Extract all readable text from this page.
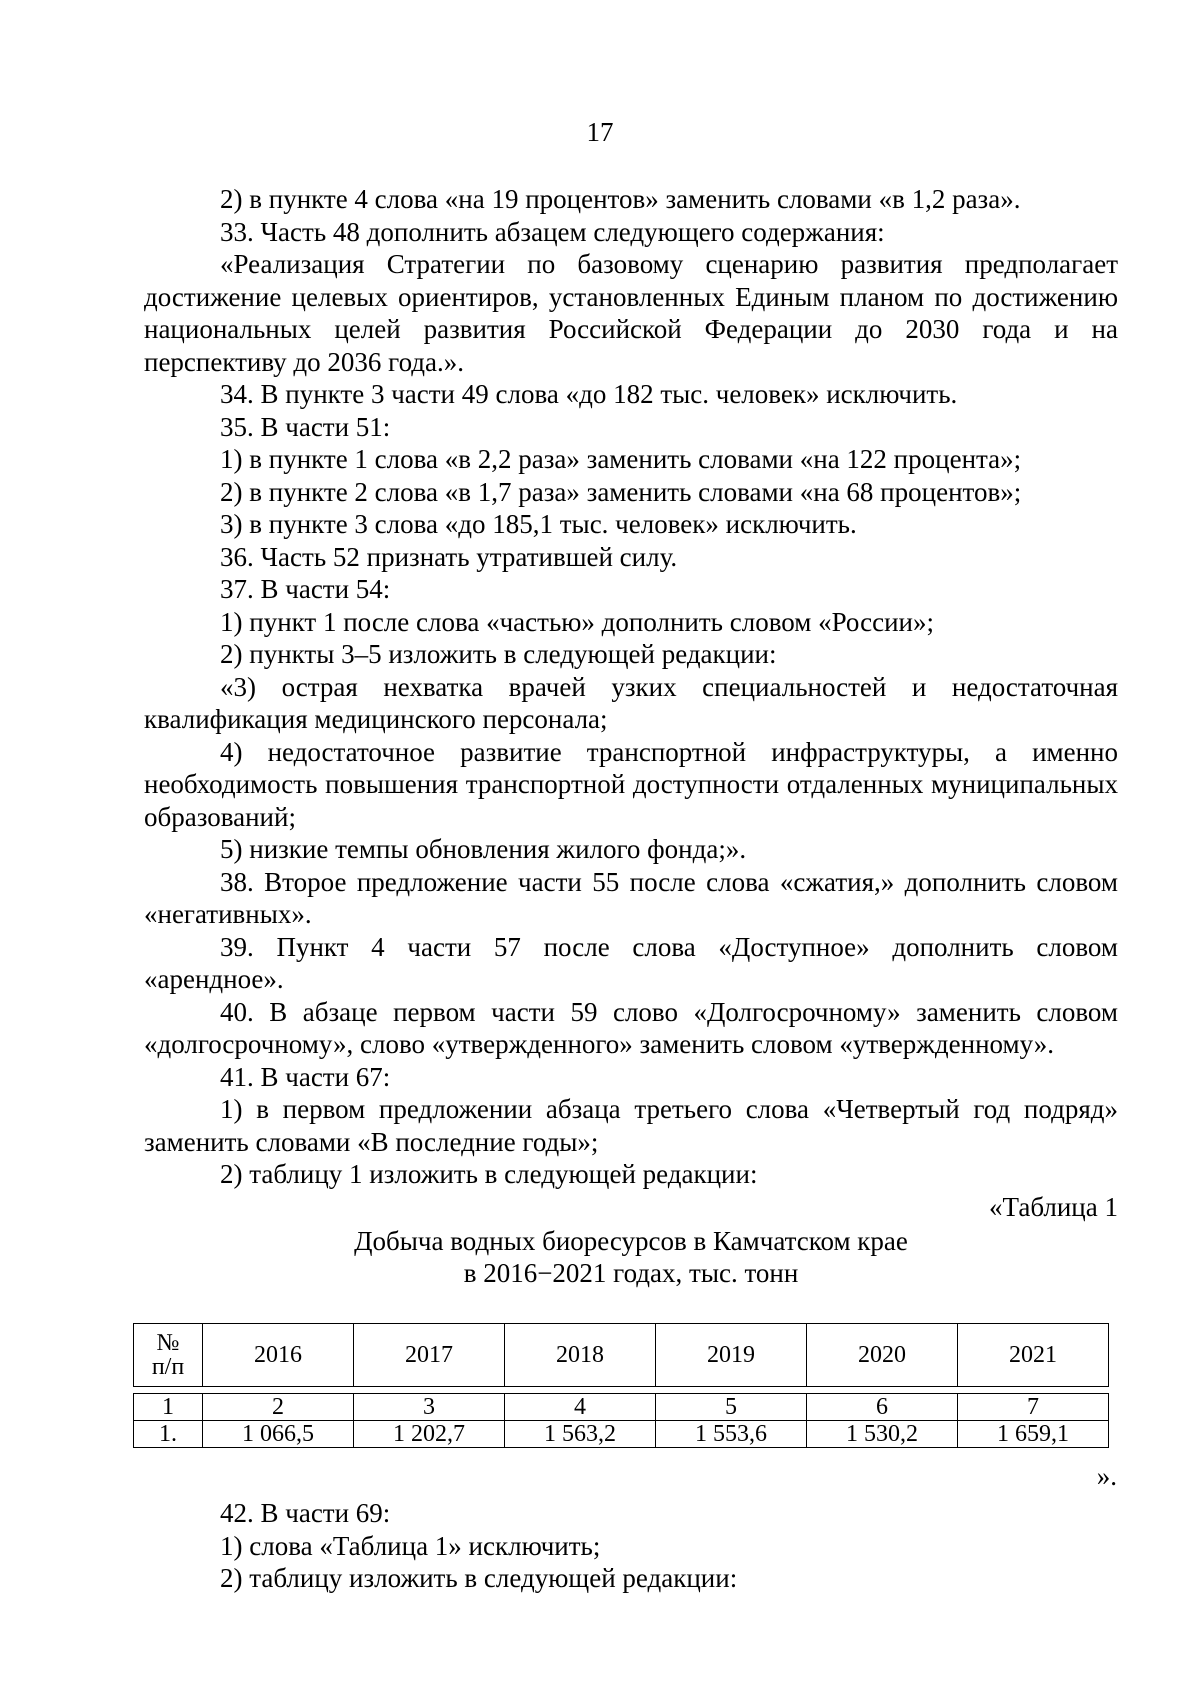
17

2) в пункте 4 слова «на 19 процентов» заменить словами «в 1,2 раза».

33. Часть 48 дополнить абзацем следующего содержания:

«Реализация Стратегии по базовому сценарию развития предполагает достижение целевых ориентиров, установленных Единым планом по достижению национальных целей развития Российской Федерации до 2030 года и на перспективу до 2036 года.».

34. В пункте 3 части 49 слова «до 182 тыс. человек» исключить.

35. В части 51:

1) в пункте 1 слова «в 2,2 раза» заменить словами «на 122 процента»;

2) в пункте 2 слова «в 1,7 раза» заменить словами «на 68 процентов»;

3) в пункте 3 слова «до 185,1 тыс. человек» исключить.

36. Часть 52 признать утратившей силу.

37. В части 54:

1) пункт 1 после слова «частью» дополнить словом «России»;

2) пункты 3–5 изложить в следующей редакции:

«3) острая нехватка врачей узких специальностей и недостаточная квалификация медицинского персонала;

4) недостаточное развитие транспортной инфраструктуры, а именно необходимость повышения транспортной доступности отдаленных муниципальных образований;

5) низкие темпы обновления жилого фонда;».

38. Второе предложение части 55 после слова «сжатия,» дополнить словом «негативных».

39. Пункт 4 части 57 после слова «Доступное» дополнить словом «арендное».

40. В абзаце первом части 59 слово «Долгосрочному» заменить словом «долгосрочному», слово «утвержденного» заменить словом «утвержденному».

41. В части 67:

1) в первом предложении абзаца третьего слова «Четвертый год подряд» заменить словами «В последние годы»;

2) таблицу 1 изложить в следующей редакции:

«Таблица 1

Добыча водных биоресурсов в Камчатском крае

в 2016−2021 годах, тыс. тонн

№
п/п	2016	2017	2018	2019	2020	2021

1	2	3	4	5	6	7
1.	1 066,5	1 202,7	1 563,2	1 553,6	1 530,2	1 659,1
».

42. В части 69:

1) слова «Таблица 1» исключить;

2) таблицу изложить в следующей редакции:
